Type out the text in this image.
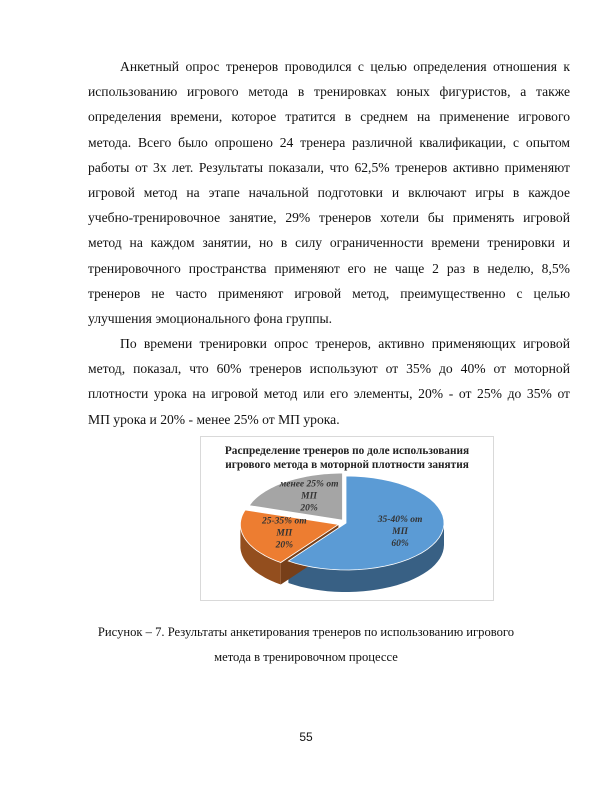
Анкетный опрос тренеров проводился с целью определения отношения к
использованию игрового метода в тренировках юных фигуристов, а также
определения времени, которое тратится в среднем на применение игрового
метода. Всего было опрошено 24 тренера различной квалификации, с опытом
работы от 3х лет. Результаты показали, что 62,5% тренеров активно применяют
игровой метод на этапе начальной подготовки и включают игры в каждое
учебно-тренировочное занятие, 29% тренеров хотели бы применять игровой
метод на каждом занятии, но в силу ограниченности времени тренировки и
тренировочного пространства применяют его не чаще 2 раз в неделю, 8,5%
тренеров не часто применяют игровой метод, преимущественно с целью
улучшения эмоционального фона группы.
По времени тренировки опрос тренеров, активно применяющих игровой
метод, показал, что 60% тренеров используют от 35% до 40% от моторной
плотности урока на игровой метод или его элементы, 20% - от 25% до 35% от
МП урока и 20% - менее 25% от МП урока.
Распределение тренеров по доле использования
игрового метода в моторной плотности занятия
35-40% от
МП
60%
25-35% от
МП
20%
менее 25% от
МП
20%
Рисунок – 7. Результаты анкетирования тренеров по использованию игрового
метода в тренировочном процессе
55
